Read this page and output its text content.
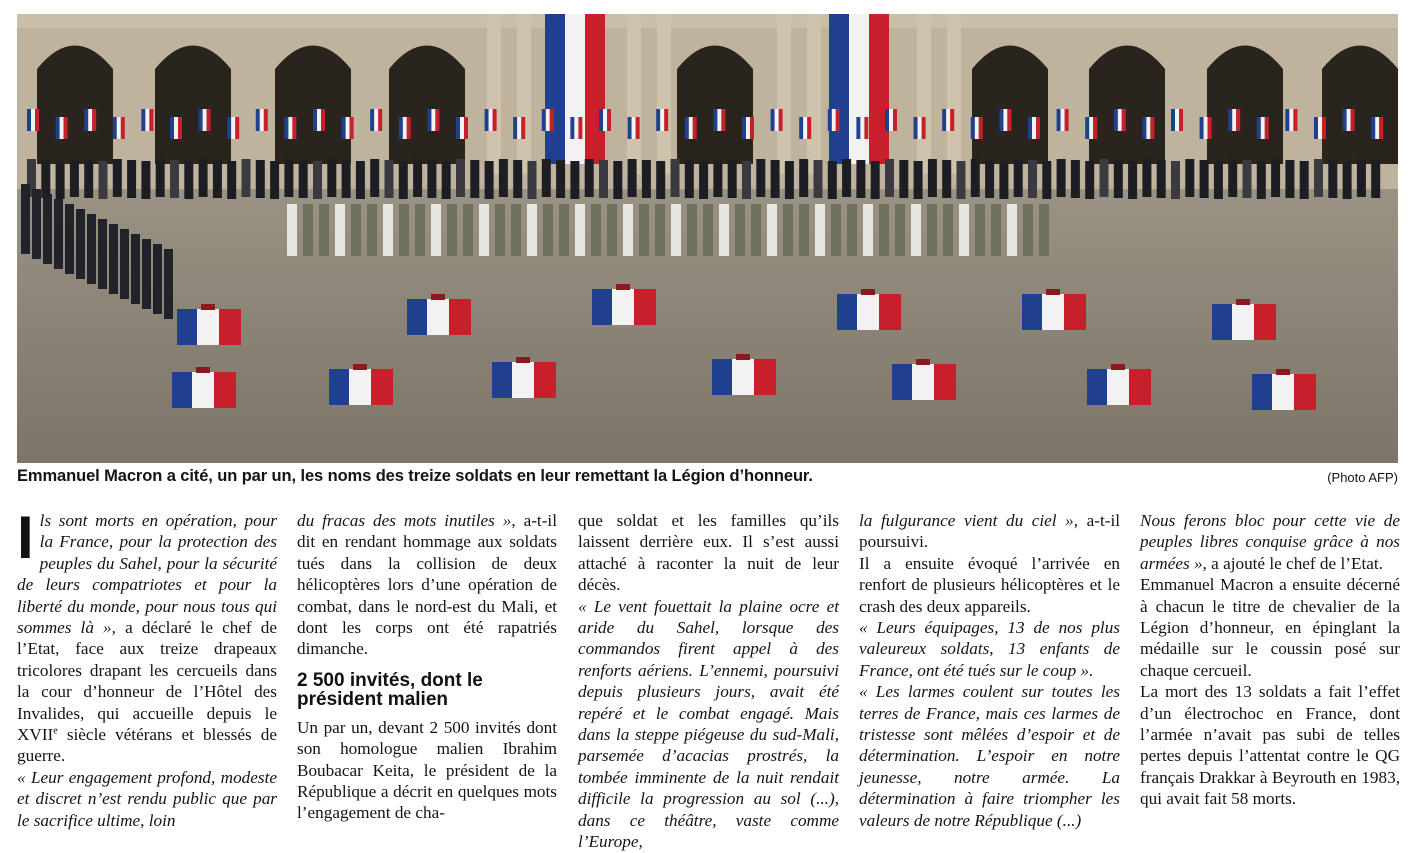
Emmanuel Macron a cité, un par un, les noms des treize soldats en leur remettant la Légion d’honneur.	(Photo AFP)

Ils sont morts en opération, pour la France, pour la protection des peuples du Sahel, pour la sécurité de leurs compatriotes et pour la liberté du monde, pour nous tous qui sommes là », a déclaré le chef de l’Etat, face aux treize drapeaux tricolores drapant les cercueils dans la cour d’honneur de l’Hôtel des Invalides, qui accueille depuis le XVIIe siècle vétérans et blessés de guerre.

« Leur engagement profond, modeste et discret n’est rendu public que par le sacrifice ultime, loin

du fracas des mots inutiles », a-t-il dit en rendant hommage aux soldats tués dans la collision de deux hélicoptères lors d’une opération de combat, dans le nord-est du Mali, et dont les corps ont été rapatriés dimanche.

2 500 invités, dont le président malien

Un par un, devant 2 500 invités dont son homologue malien Ibrahim Boubacar Keita, le président de la République a décrit en quelques mots l’engagement de cha-

que soldat et les familles qu’ils laissent derrière eux. Il s’est aussi attaché à raconter la nuit de leur décès.

« Le vent fouettait la plaine ocre et aride du Sahel, lorsque des commandos firent appel à des renforts aériens. L’ennemi, poursuivi depuis plusieurs jours, avait été repéré et le combat engagé. Mais dans la steppe piégeuse du sud-Mali, parsemée d’acacias prostrés, la tombée imminente de la nuit rendait difficile la progression au sol (...), dans ce théâtre, vaste comme l’Europe,

la fulgurance vient du ciel », a-t-il poursuivi.

Il a ensuite évoqué l’arrivée en renfort de plusieurs hélicoptères et le crash des deux appareils.

« Leurs équipages, 13 de nos plus valeureux soldats, 13 enfants de France, ont été tués sur le coup ».

« Les larmes coulent sur toutes les terres de France, mais ces larmes de tristesse sont mêlées d’espoir et de détermination. L’espoir en notre jeunesse, notre armée. La détermination à faire triompher les valeurs de notre République (...)

Nous ferons bloc pour cette vie de peuples libres conquise grâce à nos armées », a ajouté le chef de l’Etat.

Emmanuel Macron a ensuite décerné à chacun le titre de chevalier de la Légion d’honneur, en épinglant la médaille sur le coussin posé sur chaque cercueil.

La mort des 13 soldats a fait l’effet d’un électrochoc en France, dont l’armée n’avait pas subi de telles pertes depuis l’attentat contre le QG français Drakkar à Beyrouth en 1983, qui avait fait 58 morts.
